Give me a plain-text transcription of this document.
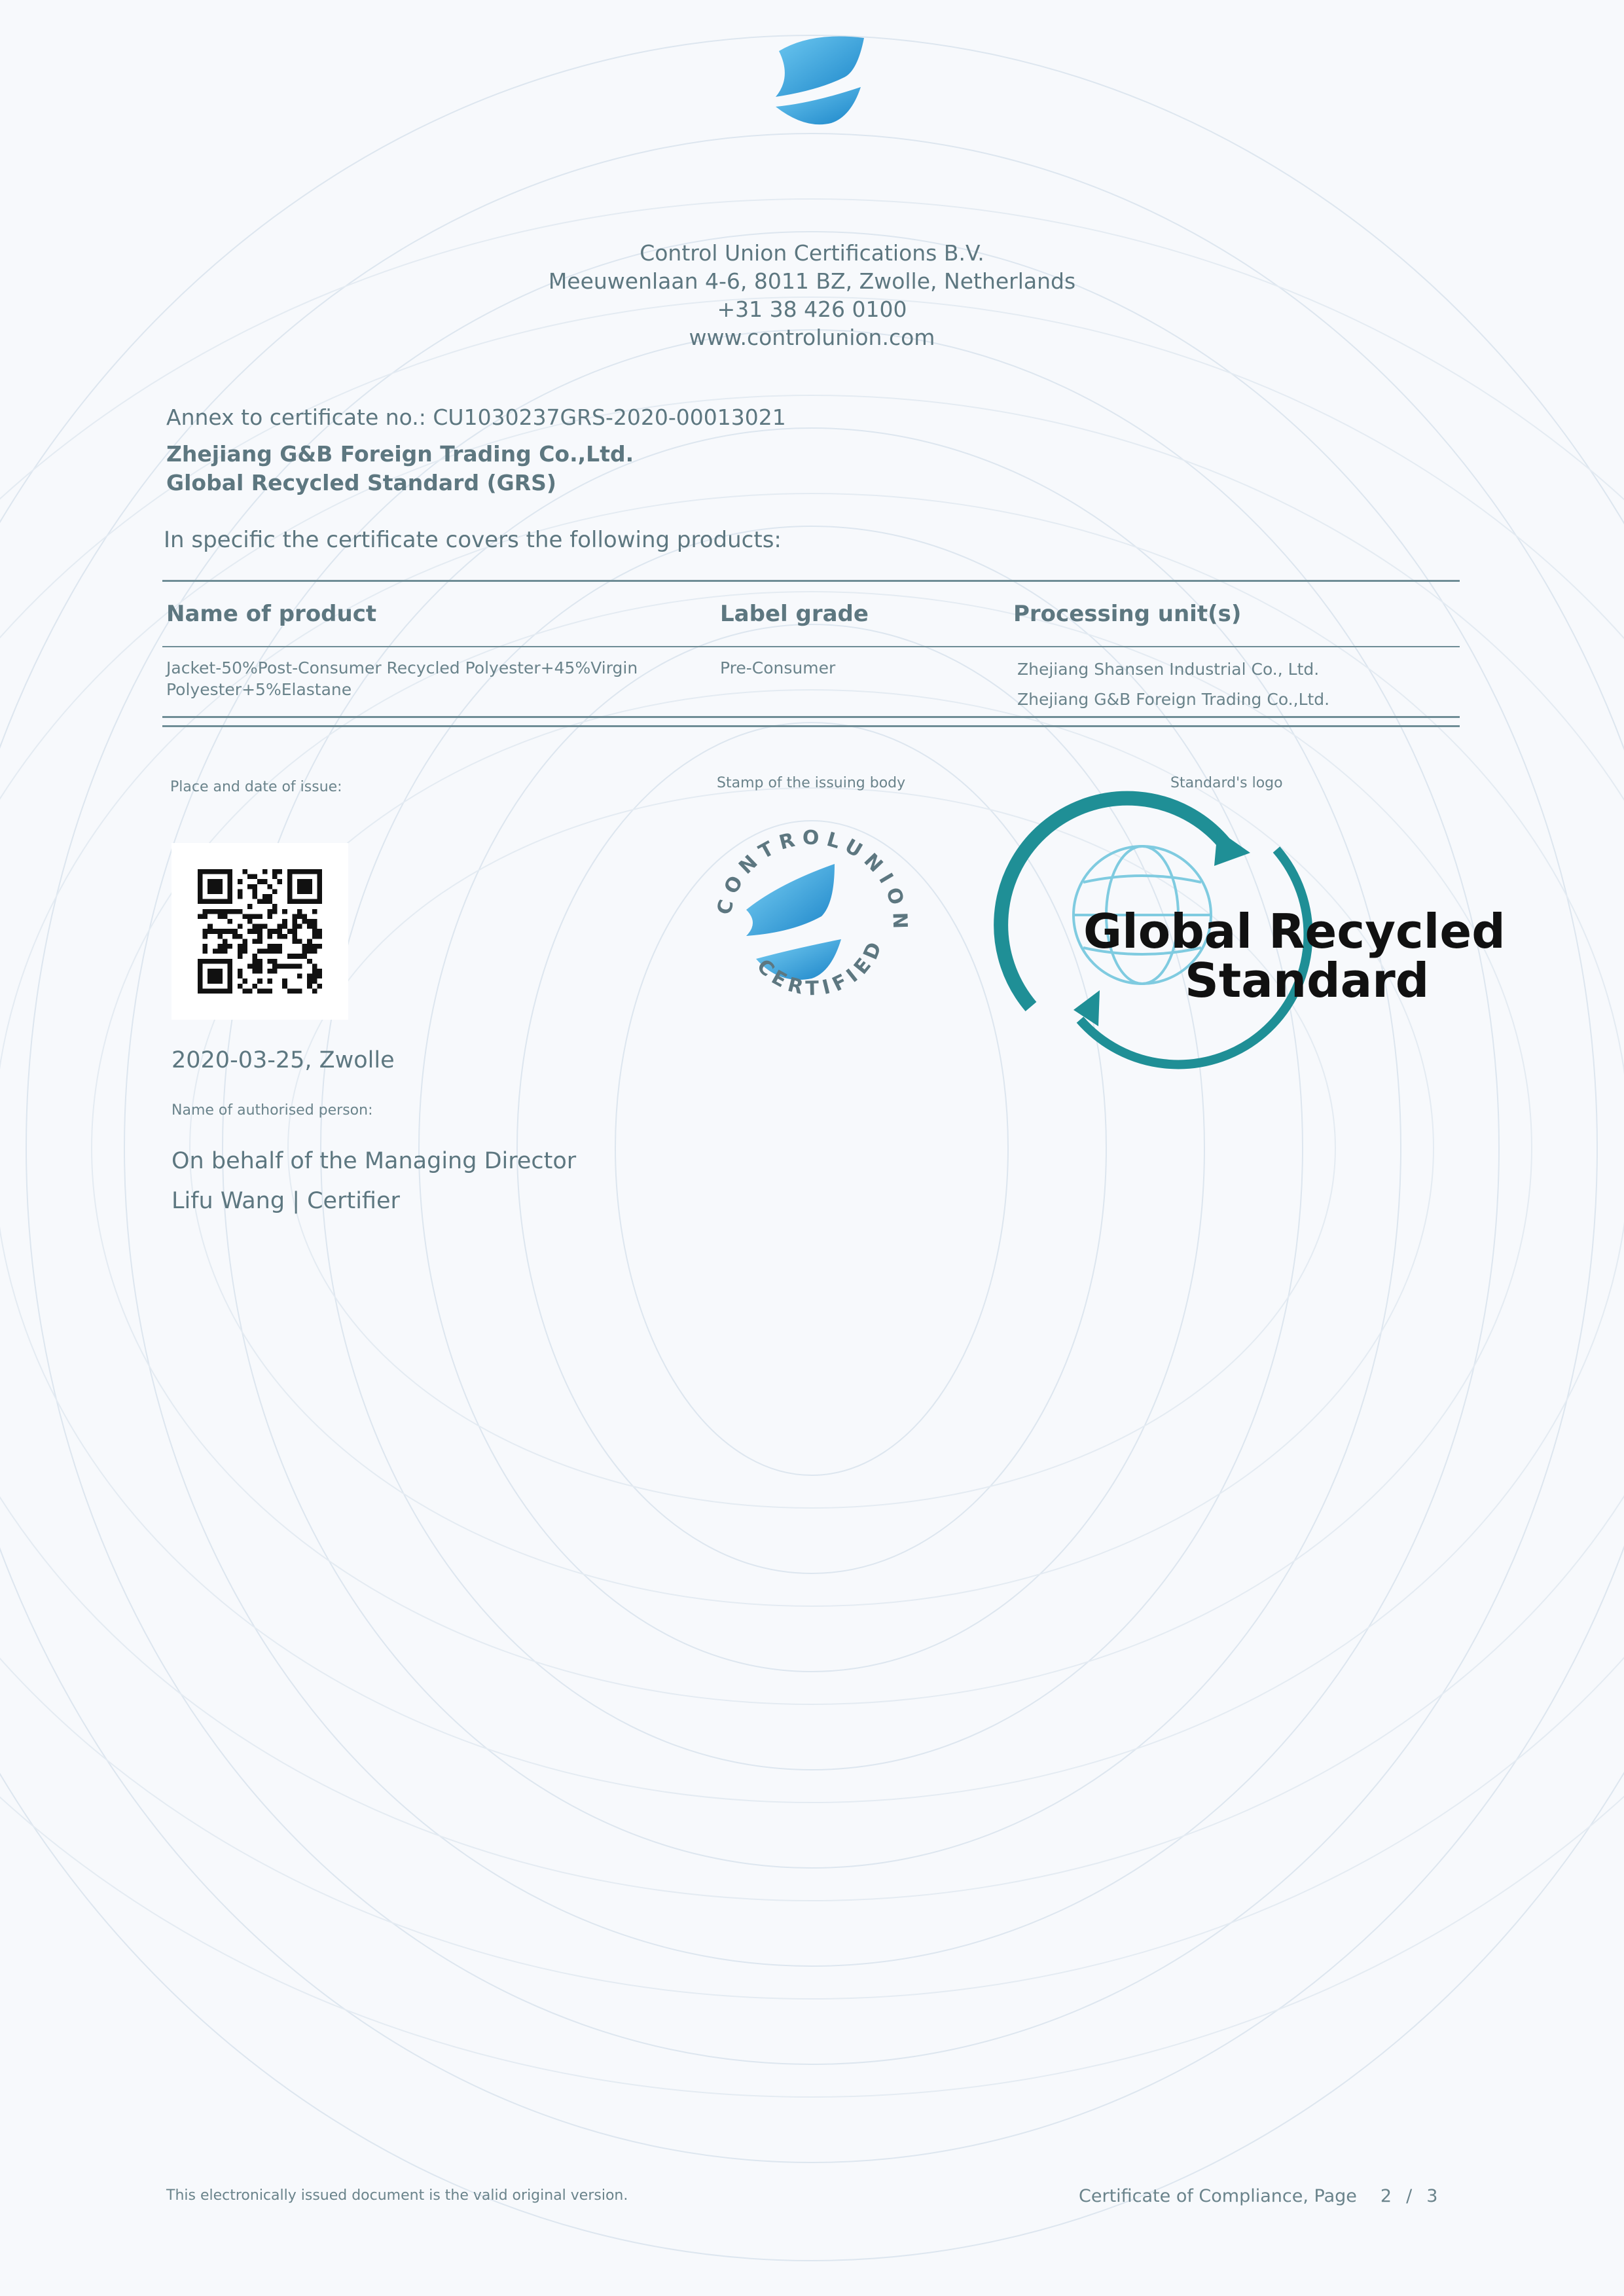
Control Union Certifications B.V.
Meeuwenlaan 4-6, 8011 BZ, Zwolle, Netherlands
+31 38 426 0100
www.controlunion.com
Annex to certificate no.: CU1030237GRS-2020-00013021
Zhejiang G&B Foreign Trading Co.,Ltd.
Global Recycled Standard (GRS)
In specific the certificate covers the following products:
Name of product	Label grade	Processing unit(s)
Jacket-50%Post-Consumer Recycled Polyester+45%Virgin
Polyester+5%Elastane
Pre-Consumer	Zhejiang Shansen Industrial Co., Ltd.
Zhejiang G&B Foreign Trading Co.,Ltd.
Place and date of issue:	Stamp of the issuing body	Standard's logo
CONTROLUNION
CERTIFIED	Global Recycled
Standard
2020-03-25, Zwolle
Name of authorised person:
On behalf of the Managing Director
Lifu Wang | Certifier
This electronically issued document is the valid original version.	Certificate of Compliance, Page 2 / 3
